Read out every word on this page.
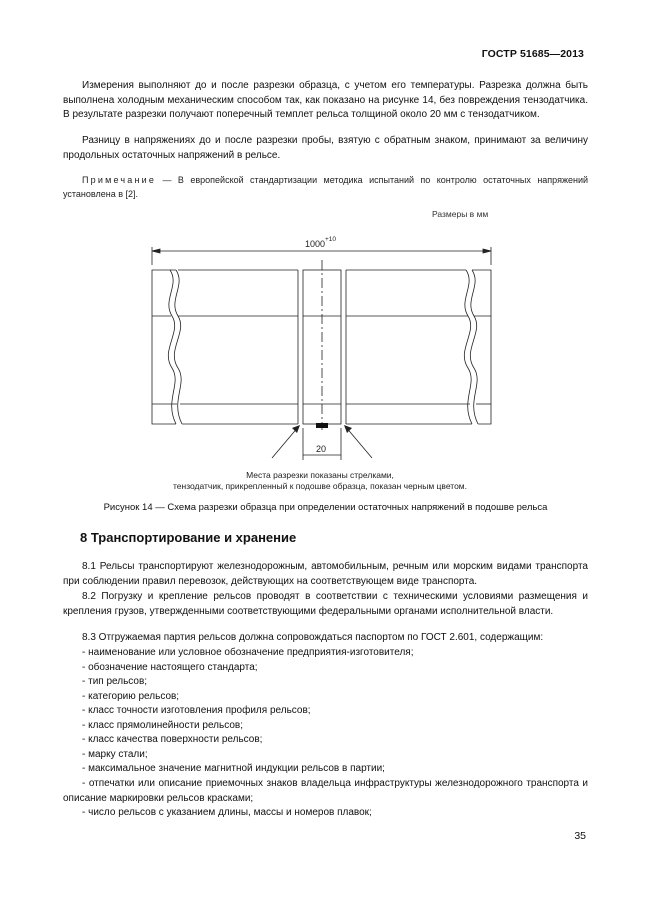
ГОСТР 51685—2013

Измерения выполняют до и после разрезки образца, с учетом его температуры. Разрезка должна быть выполнена холодным механическим способом так, как показано на рисунке 14, без повреждения тензодатчика. В результате разрезки получают поперечный темплет рельса толщиной около 20 мм с тензодатчиком.

Разницу в напряжениях до и после разрезки пробы, взятую с обратным знаком, принимают за величину продольных остаточных напряжений в рельсе.

Примечание — В европейской стандартизации методика испытаний по контролю остаточных напряжений установлена в [2].

Размеры в мм
1000 +10
20
Места разрезки показаны стрелками,
тензодатчик, прикрепленный к подошве образца, показан черным цветом.
Рисунок 14 — Схема разрезки образца при определении остаточных напряжений в подошве рельса
8 Транспортирование и хранение

8.1 Рельсы транспортируют железнодорожным, автомобильным, речным или морским видами транспорта при соблюдении правил перевозок, действующих на соответствующем виде транспорта.

8.2 Погрузку и крепление рельсов проводят в соответствии с техническими условиями размещения и крепления грузов, утвержденными соответствующими федеральными органами исполнительной власти.

8.3 Отгружаемая партия рельсов должна сопровождаться паспортом по ГОСТ 2.601, содержащим:

- наименование или условное обозначение предприятия-изготовителя;

- обозначение настоящего стандарта;

- тип рельсов;

- категорию рельсов;

- класс точности изготовления профиля рельсов;

- класс прямолинейности рельсов;

- класс качества поверхности рельсов;

- марку стали;

- максимальное значение магнитной индукции рельсов в партии;

- отпечатки или описание приемочных знаков владельца инфраструктуры железнодорожного транспорта и описание маркировки рельсов красками;

- число рельсов с указанием длины, массы и номеров плавок;

35
